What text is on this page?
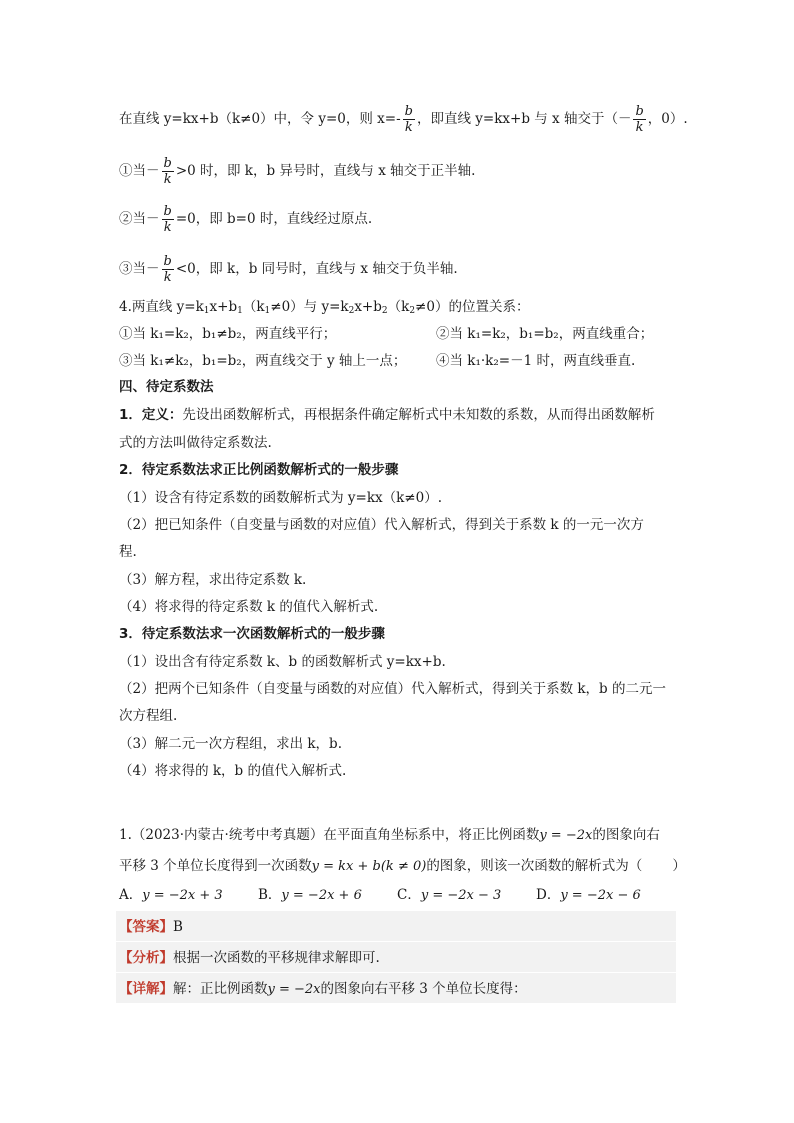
在直线 y=kx+b（k≠0）中，令 y=0，则 $x=- \frac{b}{k}$ ，即直线 y=kx+b 与 x 轴交于（－ $\frac{b}{k}$ ，0）.
①当－ $\frac{b}{k} >0$ 时，即 k，b 异号时，直线与 x 轴交于正半轴.
②当－ $\frac{b}{k} =0$，即 b=0 时，直线经过原点.
③当－ $\frac{b}{k} <0$，即 k，b 同号时，直线与 x 轴交于负半轴.
4.两直线 $y=k_1x+b_1(k_1\ne 0)$与 $y=k_2x+b_2(k_2\ne 0)$的位置关系：
①当 k₁=k₂，b₁≠b₂，两直线平行；	②当 k₁=k₂，b₁=b₂，两直线重合；
③当 k₁≠k₂，b₁=b₂，两直线交于 y 轴上一点； ④当 k₁·k₂=－1 时，两直线垂直.
四、待定系数法
1．定义：先设出函数解析式，再根据条件确定解析式中未知数的系数，从而得出函数解析
式的方法叫做待定系数法.
2．待定系数法求正比例函数解析式的一般步骤
（1）设含有待定系数的函数解析式为 y=kx（k≠0）.
（2）把已知条件（自变量与函数的对应值）代入解析式，得到关于系数 k 的一元一次方
程.
（3）解方程，求出待定系数 k.
（4）将求得的待定系数 k 的值代入解析式.
3．待定系数法求一次函数解析式的一般步骤
（1）设出含有待定系数 k、b 的函数解析式 y=kx+b.
（2）把两个已知条件（自变量与函数的对应值）代入解析式，得到关于系数 k，b 的二元一
次方程组.
（3）解二元一次方程组，求出 k，b.
（4）将求得的 k，b 的值代入解析式.
1.（2023·内蒙古·统考中考真题）在平面直角坐标系中，将正比例函数y = −2x的图象向右
平移 3 个单位长度得到一次函数y = kx + b(k ≠ 0)的图象，则该一次函数的解析式为（ ）
A．y = −2x + 3	B．y = −2x + 6	C．y = −2x − 3	D．y = −2x − 6
【答案】B
【分析】根据一次函数的平移规律求解即可.
【详解】解：正比例函数y = −2x的图象向右平移 3 个单位长度得：
